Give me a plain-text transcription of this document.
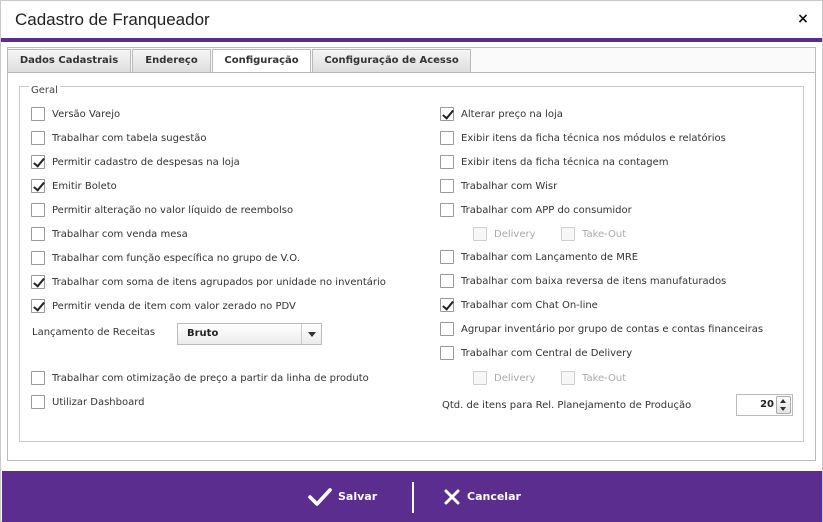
Cadastro de Franqueador	×
Dados Cadastrais	Endereço	Configuração	Configuração de Acesso
Geral
Versão Varejo
Trabalhar com tabela sugestão
Permitir cadastro de despesas na loja
Emitir Boleto
Permitir alteração no valor líquido de reembolso
Trabalhar com venda mesa
Trabalhar com função específica no grupo de V.O.
Trabalhar com soma de itens agrupados por unidade no inventário
Permitir venda de item com valor zerado no PDV
Trabalhar com otimização de preço a partir da linha de produto
Utilizar Dashboard
Alterar preço na loja
Exibir itens da ficha técnica nos módulos e relatórios
Exibir itens da ficha técnica na contagem
Trabalhar com Wisr
Trabalhar com APP do consumidor
Delivery	Take-Out
Trabalhar com Lançamento de MRE
Trabalhar com baixa reversa de itens manufaturados
Trabalhar com Chat On-line
Agrupar inventário por grupo de contas e contas financeiras
Trabalhar com Central de Delivery
Delivery	Take-Out
Lançamento de Receitas	Bruto
Qtd. de itens para Rel. Planejamento de Produção	20
Salvar	Cancelar
